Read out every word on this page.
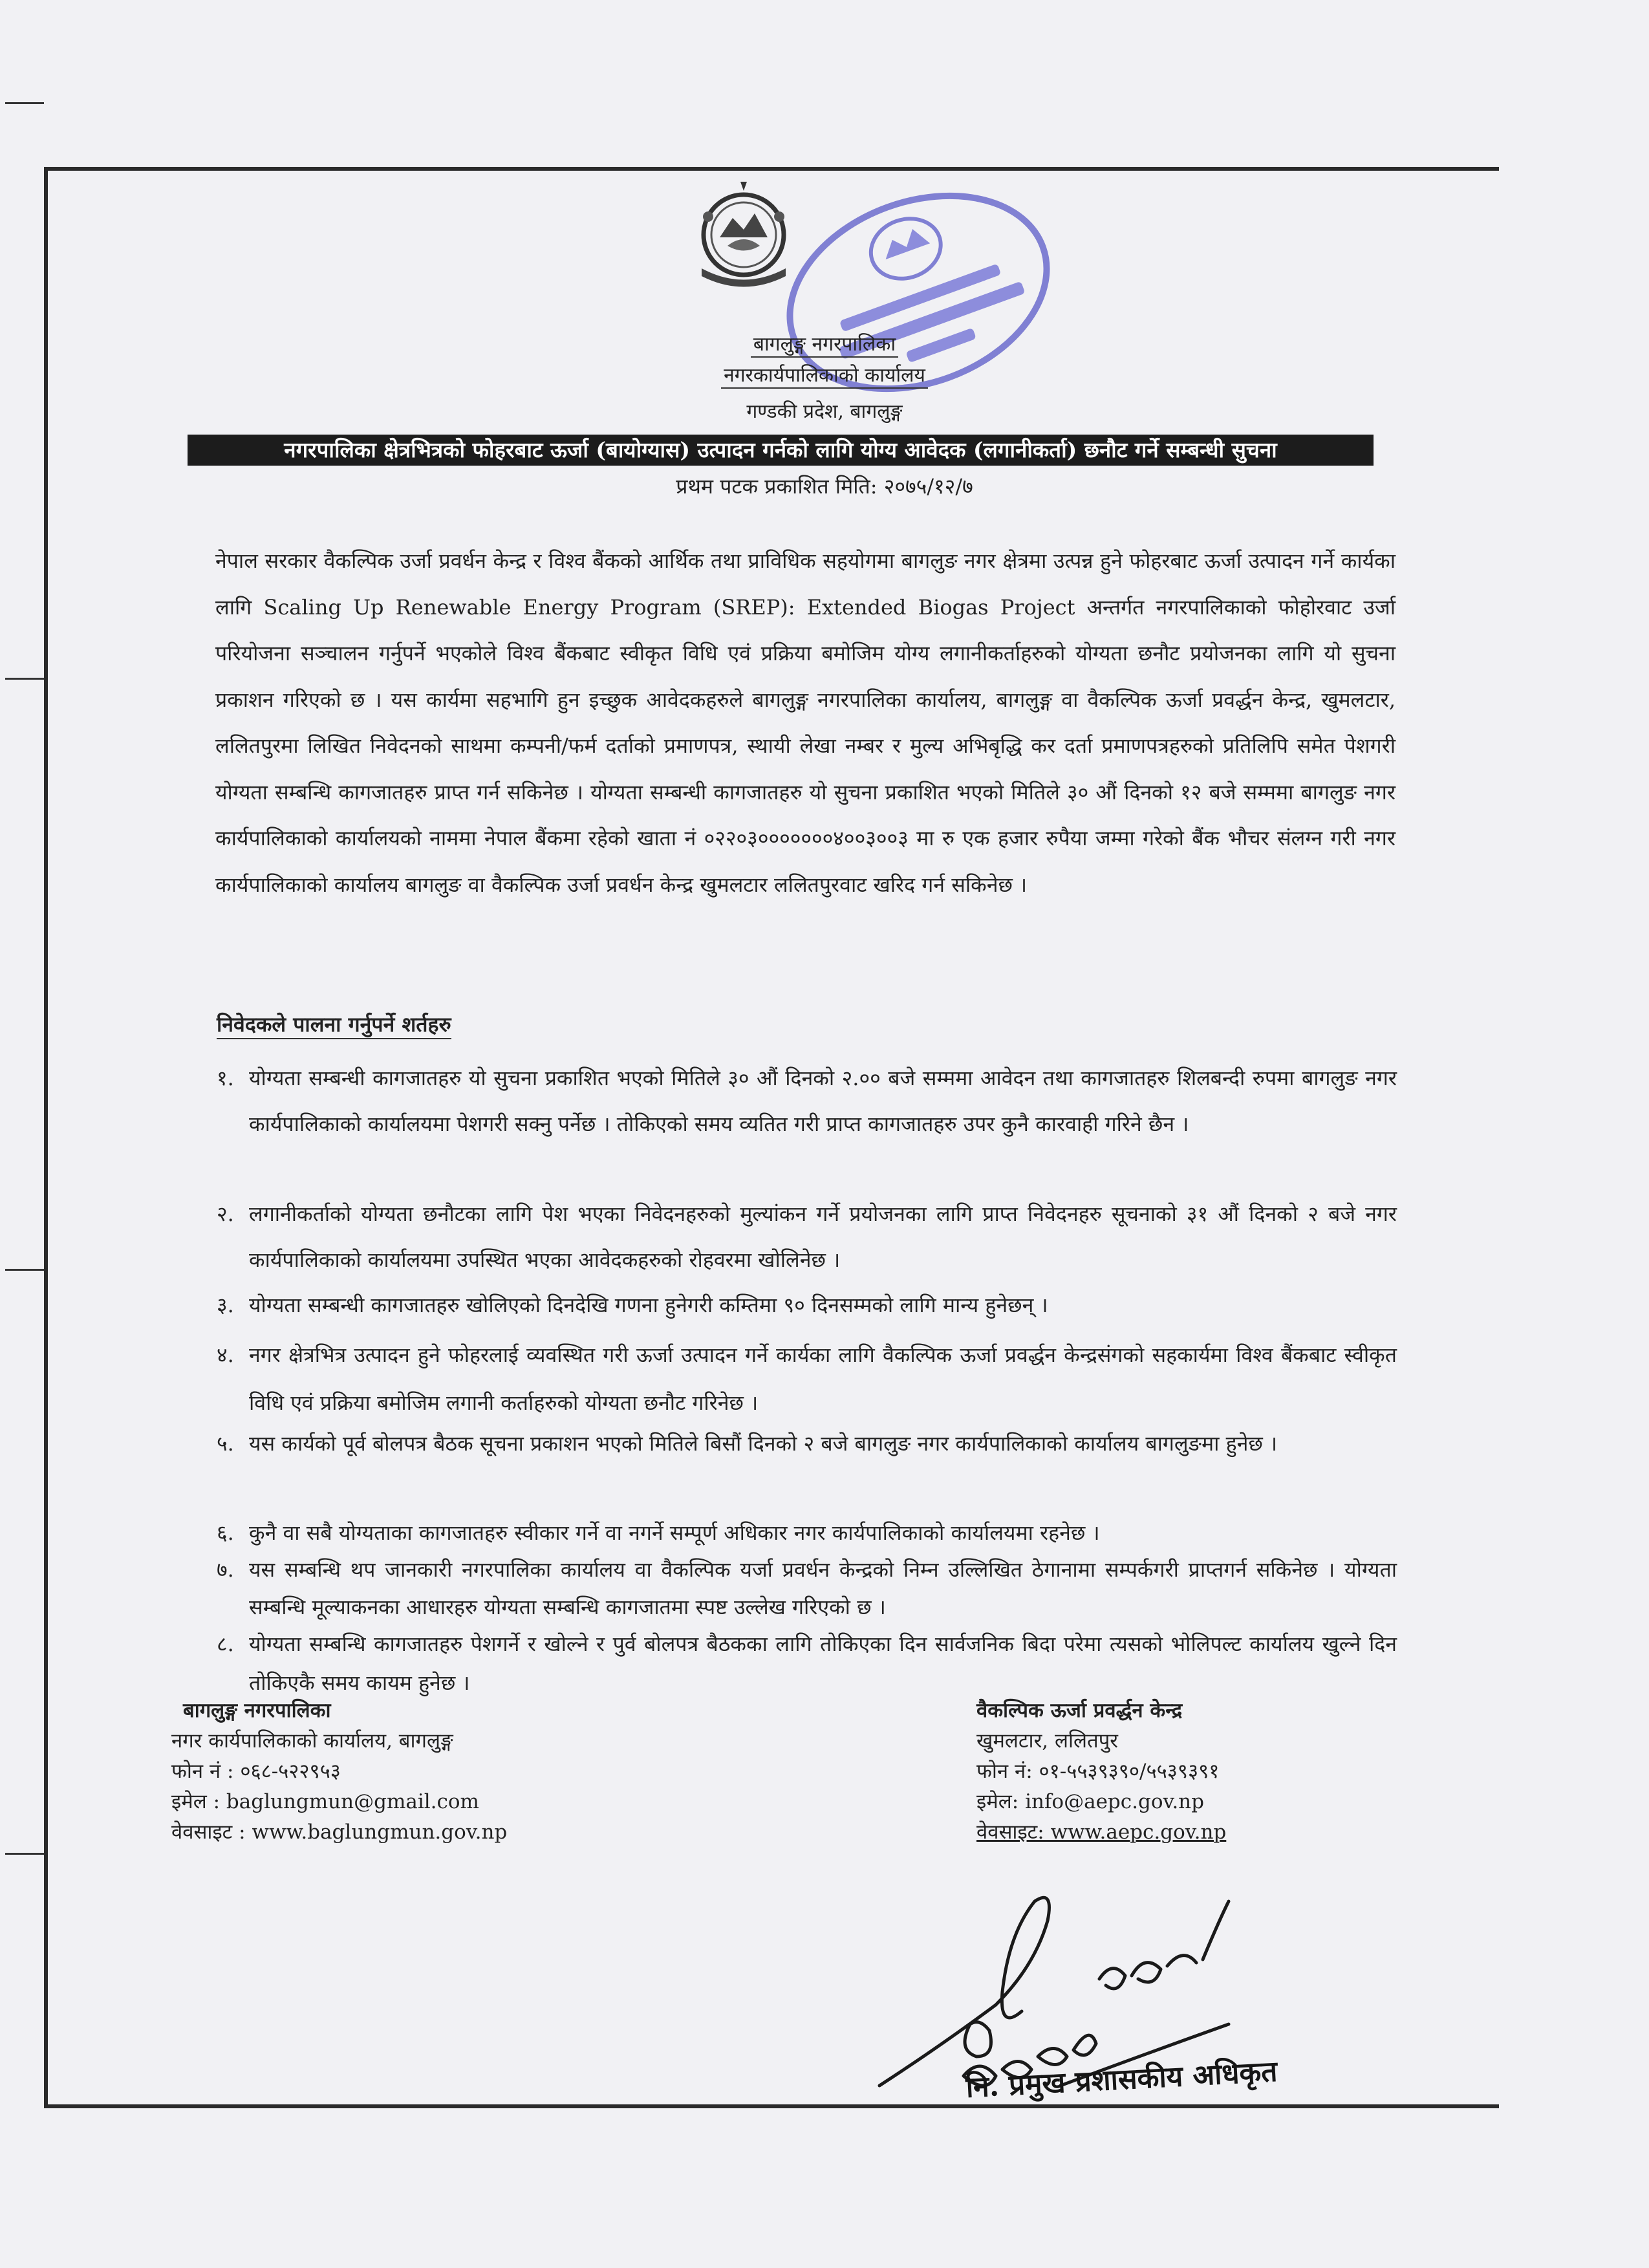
बागलुङ्ग नगरपालिका
नगरकार्यपालिकाको कार्यालय
गण्डकी प्रदेश, बागलुङ्ग
नगरपालिका क्षेत्रभित्रको फोहरबाट ऊर्जा (बायोग्यास) उत्पादन गर्नको लागि योग्य आवेदक (लगानीकर्ता) छनौट गर्ने सम्बन्धी सुचना
प्रथम पटक प्रकाशित मिति: २०७५/१२/७
नेपाल सरकार वैकल्पिक उर्जा प्रवर्धन केन्द्र र विश्व बैंकको आर्थिक तथा प्राविधिक सहयोगमा बागलुङ नगर क्षेत्रमा उत्पन्न हुने फोहरबाट ऊर्जा उत्पादन गर्ने कार्यका लागि Scaling Up Renewable Energy Program (SREP): Extended Biogas Project अन्तर्गत नगरपालिकाको फोहोरवाट उर्जा परियोजना सञ्चालन गर्नुपर्ने भएकोले विश्व बैंकबाट स्वीकृत विधि एवं प्रक्रिया बमोजिम योग्य लगानीकर्ताहरुको योग्यता छनौट प्रयोजनका लागि यो सुचना प्रकाशन गरिएको छ । यस कार्यमा सहभागि हुन इच्छुक आवेदकहरुले बागलुङ्ग नगरपालिका कार्यालय, बागलुङ्ग वा वैकल्पिक ऊर्जा प्रवर्द्धन केन्द्र, खुमलटार, ललितपुरमा लिखित निवेदनको साथमा कम्पनी/फर्म दर्ताको प्रमाणपत्र, स्थायी लेखा नम्बर र मुल्य अभिबृद्धि कर दर्ता प्रमाणपत्रहरुको प्रतिलिपि समेत पेशगरी योग्यता सम्बन्धि कागजातहरु प्राप्त गर्न सकिनेछ । योग्यता सम्बन्धी कागजातहरु यो सुचना प्रकाशित भएको मितिले ३० औं दिनको १२ बजे सम्ममा बागलुङ नगर कार्यपालिकाको कार्यालयको नाममा नेपाल बैंकमा रहेको खाता नं ०२२०३०००००००४००३००३ मा रु एक हजार रुपैया जम्मा गरेको बैंक भौचर संलग्न गरी नगर कार्यपालिकाको कार्यालय बागलुङ वा वैकल्पिक उर्जा प्रवर्धन केन्द्र खुमलटार ललितपुरवाट खरिद गर्न सकिनेछ ।
निवेदकले पालना गर्नुपर्ने शर्तहरु
१. योग्यता सम्बन्धी कागजातहरु यो सुचना प्रकाशित भएको मितिले ३० औं दिनको २.०० बजे सम्ममा आवेदन तथा कागजातहरु शिलबन्दी रुपमा बागलुङ नगर कार्यपालिकाको कार्यालयमा पेशगरी सक्नु पर्नेछ । तोकिएको समय व्यतित गरी प्राप्त कागजातहरु उपर कुनै कारवाही गरिने छैन ।
२. लगानीकर्ताको योग्यता छनौटका लागि पेश भएका निवेदनहरुको मुल्यांकन गर्ने प्रयोजनका लागि प्राप्त निवेदनहरु सूचनाको ३१ औं दिनको २ बजे नगर कार्यपालिकाको कार्यालयमा उपस्थित भएका आवेदकहरुको रोहवरमा खोलिनेछ ।
३. योग्यता सम्बन्धी कागजातहरु खोलिएको दिनदेखि गणना हुनेगरी कम्तिमा ९० दिनसम्मको लागि मान्य हुनेछन् ।
४. नगर क्षेत्रभित्र उत्पादन हुने फोहरलाई व्यवस्थित गरी ऊर्जा उत्पादन गर्ने कार्यका लागि वैकल्पिक ऊर्जा प्रवर्द्धन केन्द्रसंगको सहकार्यमा विश्व बैंकबाट स्वीकृत विधि एवं प्रक्रिया बमोजिम लगानी कर्ताहरुको योग्यता छनौट गरिनेछ ।
५. यस कार्यको पूर्व बोलपत्र बैठक सूचना प्रकाशन भएको मितिले बिसौं दिनको २ बजे बागलुङ नगर कार्यपालिकाको कार्यालय बागलुङमा हुनेछ ।
६. कुनै वा सबै योग्यताका कागजातहरु स्वीकार गर्ने वा नगर्ने सम्पूर्ण अधिकार नगर कार्यपालिकाको कार्यालयमा रहनेछ ।
७. यस सम्बन्धि थप जानकारी नगरपालिका कार्यालय वा वैकल्पिक यर्जा प्रवर्धन केन्द्रको निम्न उल्लिखित ठेगानामा सम्पर्कगरी प्राप्तगर्न सकिनेछ । योग्यता सम्बन्धि मूल्याकनका आधारहरु योग्यता सम्बन्धि कागजातमा स्पष्ट उल्लेख गरिएको छ ।
८. योग्यता सम्बन्धि कागजातहरु पेशगर्ने र खोल्ने र पुर्व बोलपत्र बैठकका लागि तोकिएका दिन सार्वजनिक बिदा परेमा त्यसको भोलिपल्ट कार्यालय खुल्ने दिन तोकिएकै समय कायम हुनेछ ।
बागलुङ्ग नगरपालिका
नगर कार्यपालिकाको कार्यालय, बागलुङ्ग
फोन नं : ०६८-५२२९५३
इमेल : baglungmun@gmail.com
वेवसाइट : www.baglungmun.gov.np
वैकल्पिक ऊर्जा प्रवर्द्धन केन्द्र
खुमलटार, ललितपुर
फोन नं: ०१-५५३९३९०/५५३९३९१
इमेल: info@aepc.gov.np
वेवसाइट: www.aepc.gov.np
नि. प्रमुख प्रशासकीय अधिकृत
